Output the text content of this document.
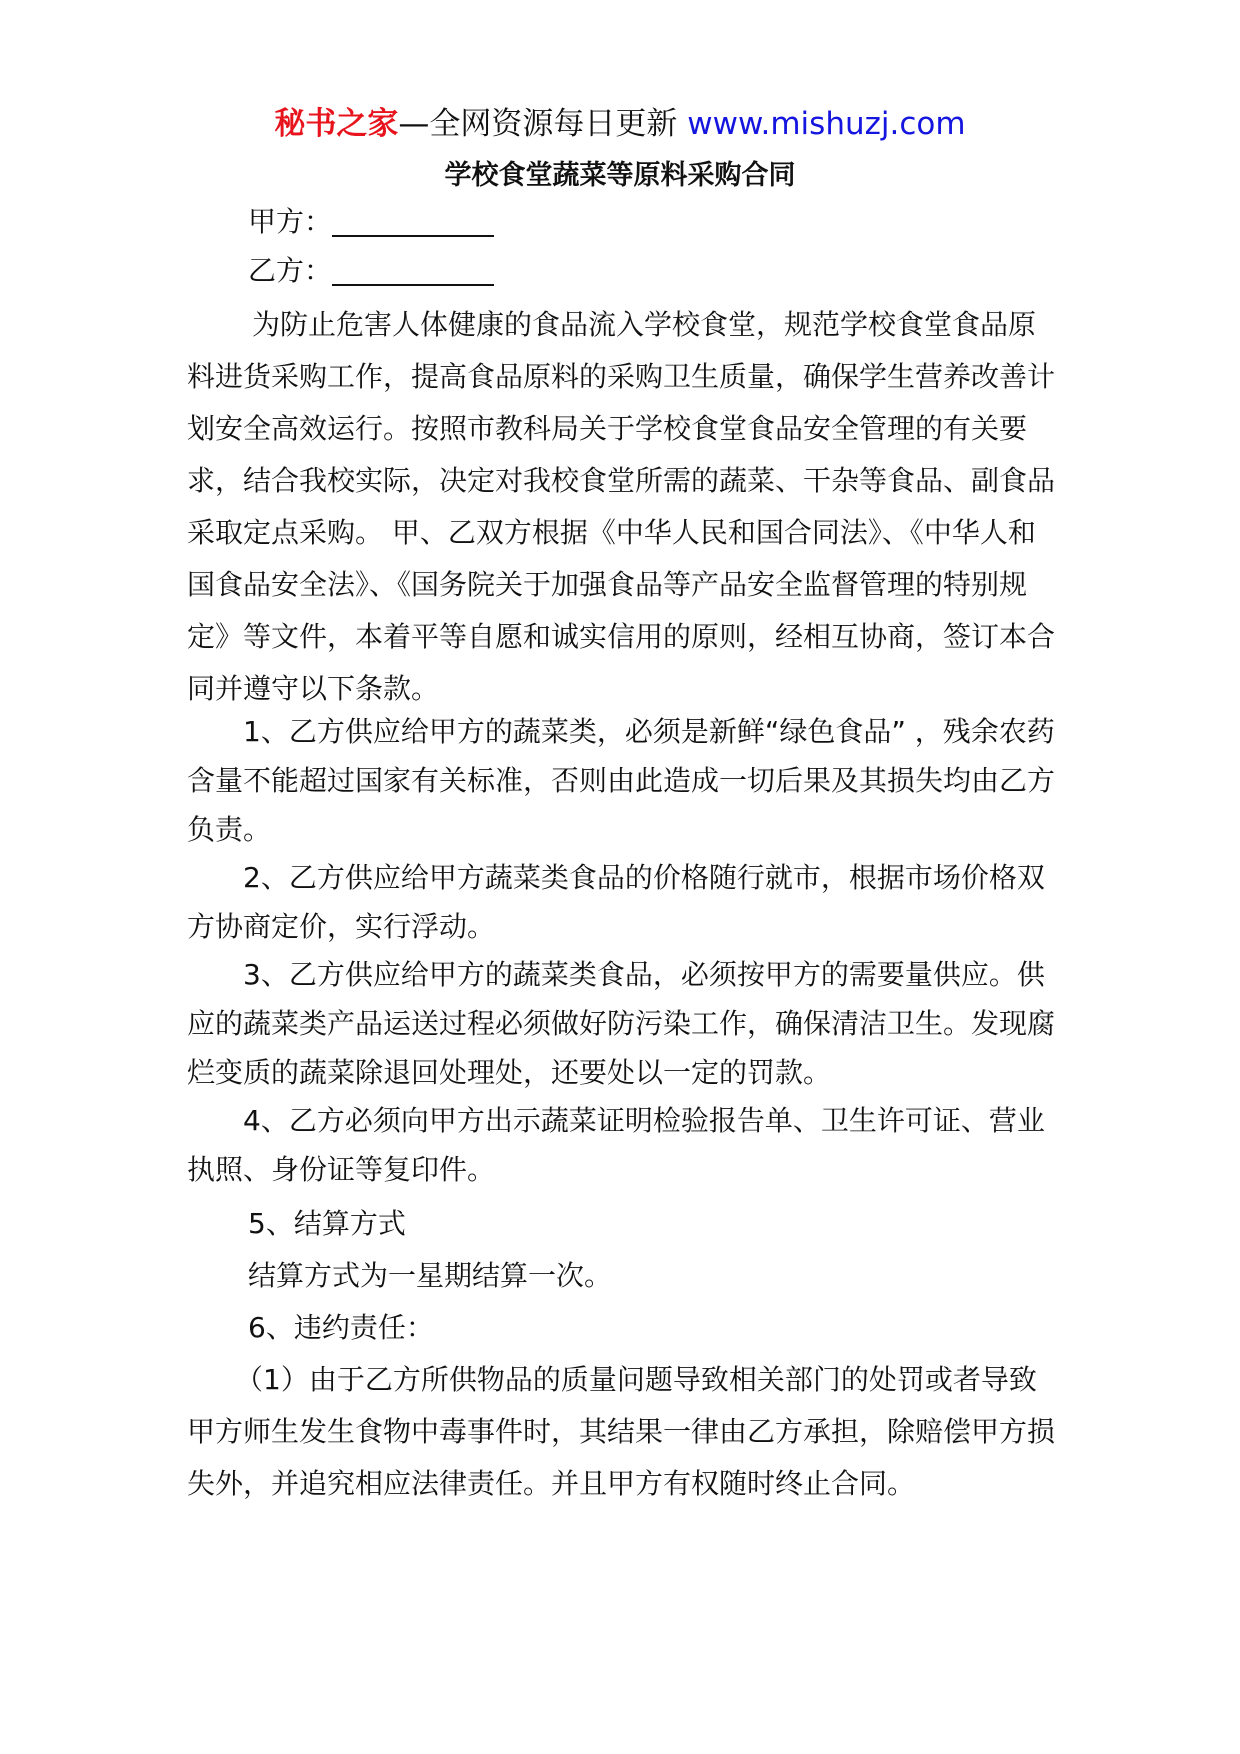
秘书之家—全网资源每日更新 www.mishuzj.com
学校食堂蔬菜等原料采购合同
甲方：
乙方：

为防止危害人体健康的食品流入学校食堂，规范学校食堂食品原料进货采购工作，提高食品原料的采购卫生质量，确保学生营养改善计划安全高效运行。按照市教科局关于学校食堂食品安全管理的有关要求，结合我校实际，决定对我校食堂所需的蔬菜、干杂等食品、副食品采取定点采购。 甲、乙双方根据《中华人民和国合同法》、《中华人和国食品安全法》、《国务院关于加强食品等产品安全监督管理的特别规定》等文件，本着平等自愿和诚实信用的原则，经相互协商，签订本合同并遵守以下条款。

1、乙方供应给甲方的蔬菜类，必须是新鲜“绿色食品” ，残余农药含量不能超过国家有关标准，否则由此造成一切后果及其损失均由乙方负责。

2、乙方供应给甲方蔬菜类食品的价格随行就市，根据市场价格双方协商定价，实行浮动。

3、乙方供应给甲方的蔬菜类食品，必须按甲方的需要量供应。供应的蔬菜类产品运送过程必须做好防污染工作，确保清洁卫生。发现腐烂变质的蔬菜除退回处理处，还要处以一定的罚款。

4、乙方必须向甲方出示蔬菜证明检验报告单、卫生许可证、营业执照、身份证等复印件。

5、结算方式

结算方式为一星期结算一次。

6、违约责任：

（1）由于乙方所供物品的质量问题导致相关部门的处罚或者导致甲方师生发生食物中毒事件时，其结果一律由乙方承担，除赔偿甲方损失外，并追究相应法律责任。并且甲方有权随时终止合同。
